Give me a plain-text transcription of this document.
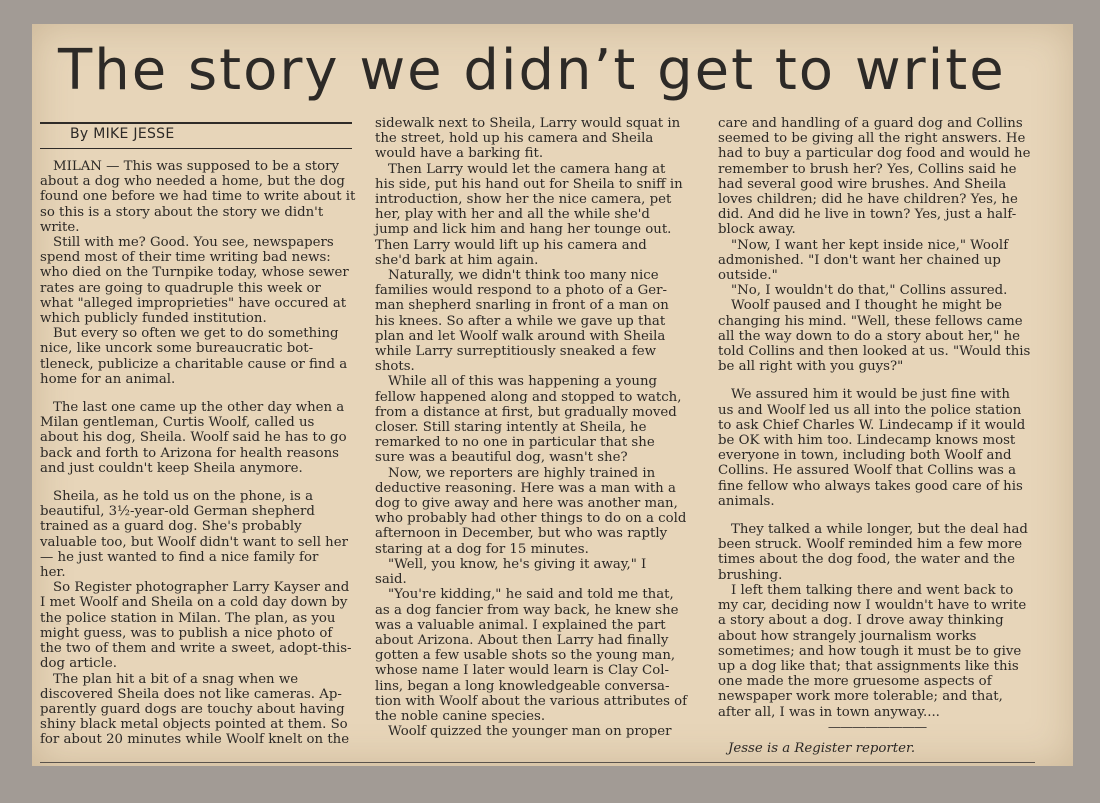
The story we didn’t get to write
By MIKE JESSE

MILAN — This was supposed to be a story
about a dog who needed a home, but the dog
found one before we had time to write about it
so this is a story about the story we didn't
write.

Still with me? Good. You see, newspapers
spend most of their time writing bad news:
who died on the Turnpike today, whose sewer
rates are going to quadruple this week or
what "alleged improprieties" have occured at
which publicly funded institution.

But every so often we get to do something
nice, like uncork some bureaucratic bot-
tleneck, publicize a charitable cause or find a
home for an animal.

The last one came up the other day when a
Milan gentleman, Curtis Woolf, called us
about his dog, Sheila. Woolf said he has to go
back and forth to Arizona for health reasons
and just couldn't keep Sheila anymore.

Sheila, as he told us on the phone, is a
beautiful, 3½-year-old German shepherd
trained as a guard dog. She's probably
valuable too, but Woolf didn't want to sell her
— he just wanted to find a nice family for
her.

So Register photographer Larry Kayser and
I met Woolf and Sheila on a cold day down by
the police station in Milan. The plan, as you
might guess, was to publish a nice photo of
the two of them and write a sweet, adopt-this-
dog article.

The plan hit a bit of a snag when we
discovered Sheila does not like cameras. Ap-
parently guard dogs are touchy about having
shiny black metal objects pointed at them. So
for about 20 minutes while Woolf knelt on the

sidewalk next to Sheila, Larry would squat in
the street, hold up his camera and Sheila
would have a barking fit.

Then Larry would let the camera hang at
his side, put his hand out for Sheila to sniff in
introduction, show her the nice camera, pet
her, play with her and all the while she'd
jump and lick him and hang her tounge out.
Then Larry would lift up his camera and
she'd bark at him again.

Naturally, we didn't think too many nice
families would respond to a photo of a Ger-
man shepherd snarling in front of a man on
his knees. So after a while we gave up that
plan and let Woolf walk around with Sheila
while Larry surreptitiously sneaked a few
shots.

While all of this was happening a young
fellow happened along and stopped to watch,
from a distance at first, but gradually moved
closer. Still staring intently at Sheila, he
remarked to no one in particular that she
sure was a beautiful dog, wasn't she?

Now, we reporters are highly trained in
deductive reasoning. Here was a man with a
dog to give away and here was another man,
who probably had other things to do on a cold
afternoon in December, but who was raptly
staring at a dog for 15 minutes.

"Well, you know, he's giving it away," I
said.

"You're kidding," he said and told me that,
as a dog fancier from way back, he knew she
was a valuable animal. I explained the part
about Arizona. About then Larry had finally
gotten a few usable shots so the young man,
whose name I later would learn is Clay Col-
lins, began a long knowledgeable conversa-
tion with Woolf about the various attributes of
the noble canine species.

Woolf quizzed the younger man on proper

care and handling of a guard dog and Collins
seemed to be giving all the right answers. He
had to buy a particular dog food and would he
remember to brush her? Yes, Collins said he
had several good wire brushes. And Sheila
loves children; did he have children? Yes, he
did. And did he live in town? Yes, just a half-
block away.

"Now, I want her kept inside nice," Woolf
admonished. "I don't want her chained up
outside."

"No, I wouldn't do that," Collins assured.

Woolf paused and I thought he might be
changing his mind. "Well, these fellows came
all the way down to do a story about her," he
told Collins and then looked at us. "Would this
be all right with you guys?"

We assured him it would be just fine with
us and Woolf led us all into the police station
to ask Chief Charles W. Lindecamp if it would
be OK with him too. Lindecamp knows most
everyone in town, including both Woolf and
Collins. He assured Woolf that Collins was a
fine fellow who always takes good care of his
animals.

They talked a while longer, but the deal had
been struck. Woolf reminded him a few more
times about the dog food, the water and the
brushing.

I left them talking there and went back to
my car, deciding now I wouldn't have to write
a story about a dog. I drove away thinking
about how strangely journalism works
sometimes; and how tough it must be to give
up a dog like that; that assignments like this
one made the more gruesome aspects of
newspaper work more tolerable; and that,
after all, I was in town anyway....

————————

Jesse is a Register reporter.
